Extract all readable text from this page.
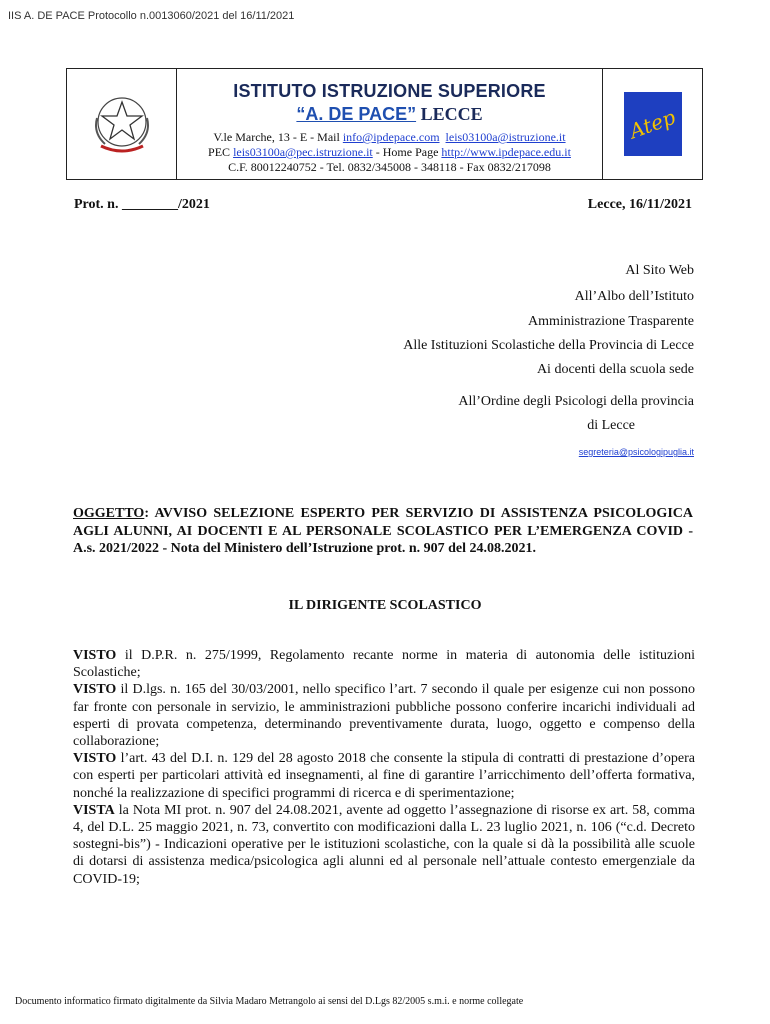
IIS A. DE PACE Protocollo n.0013060/2021 del 16/11/2021
ISTITUTO ISTRUZIONE SUPERIORE
“A. DE PACE” LECCE
V.le Marche, 13 - E - Mail info@ipdepace.com leis03100a@istruzione.it
PEC leis03100a@pec.istruzione.it - Home Page http://www.ipdepace.edu.it
C.F. 80012240752 - Tel. 0832/345008 - 348118 - Fax 0832/217098
Atep
Prot. n. ________/2021	Lecce, 16/11/2021
Al Sito Web
All’Albo dell’Istituto
Amministrazione Trasparente
Alle Istituzioni Scolastiche della Provincia di Lecce
Ai docenti della scuola sede
All’Ordine degli Psicologi della provincia
di Lecce
segreteria@psicologipuglia.it
OGGETTO: AVVISO SELEZIONE ESPERTO PER SERVIZIO DI ASSISTENZA PSICOLOGICA AGLI ALUNNI, AI DOCENTI E AL PERSONALE SCOLASTICO PER L’EMERGENZA COVID - A.s. 2021/2022 - Nota del Ministero dell’Istruzione prot. n. 907 del 24.08.2021.
IL DIRIGENTE SCOLASTICO

VISTO il D.P.R. n. 275/1999, Regolamento recante norme in materia di autonomia delle istituzioni Scolastiche;

VISTO il D.lgs. n. 165 del 30/03/2001, nello specifico l’art. 7 secondo il quale per esigenze cui non possono far fronte con personale in servizio, le amministrazioni pubbliche possono conferire incarichi individuali ad esperti di provata competenza, determinando preventivamente durata, luogo, oggetto e compenso della collaborazione;

VISTO l’art. 43 del D.I. n. 129 del 28 agosto 2018 che consente la stipula di contratti di prestazione d’opera con esperti per particolari attività ed insegnamenti, al fine di garantire l’arricchimento dell’offerta formativa, nonché la realizzazione di specifici programmi di ricerca e di sperimentazione;

VISTA la Nota MI prot. n. 907 del 24.08.2021, avente ad oggetto l’assegnazione di risorse ex art. 58, comma 4, del D.L. 25 maggio 2021, n. 73, convertito con modificazioni dalla L. 23 luglio 2021, n. 106 (“c.d. Decreto sostegni-bis”) - Indicazioni operative per le istituzioni scolastiche, con la quale si dà la possibilità alle scuole di dotarsi di assistenza medica/psicologica agli alunni ed al personale nell’attuale contesto emergenziale da COVID-19;

Documento informatico firmato digitalmente da Silvia Madaro Metrangolo ai sensi del D.Lgs 82/2005 s.m.i. e norme collegate
